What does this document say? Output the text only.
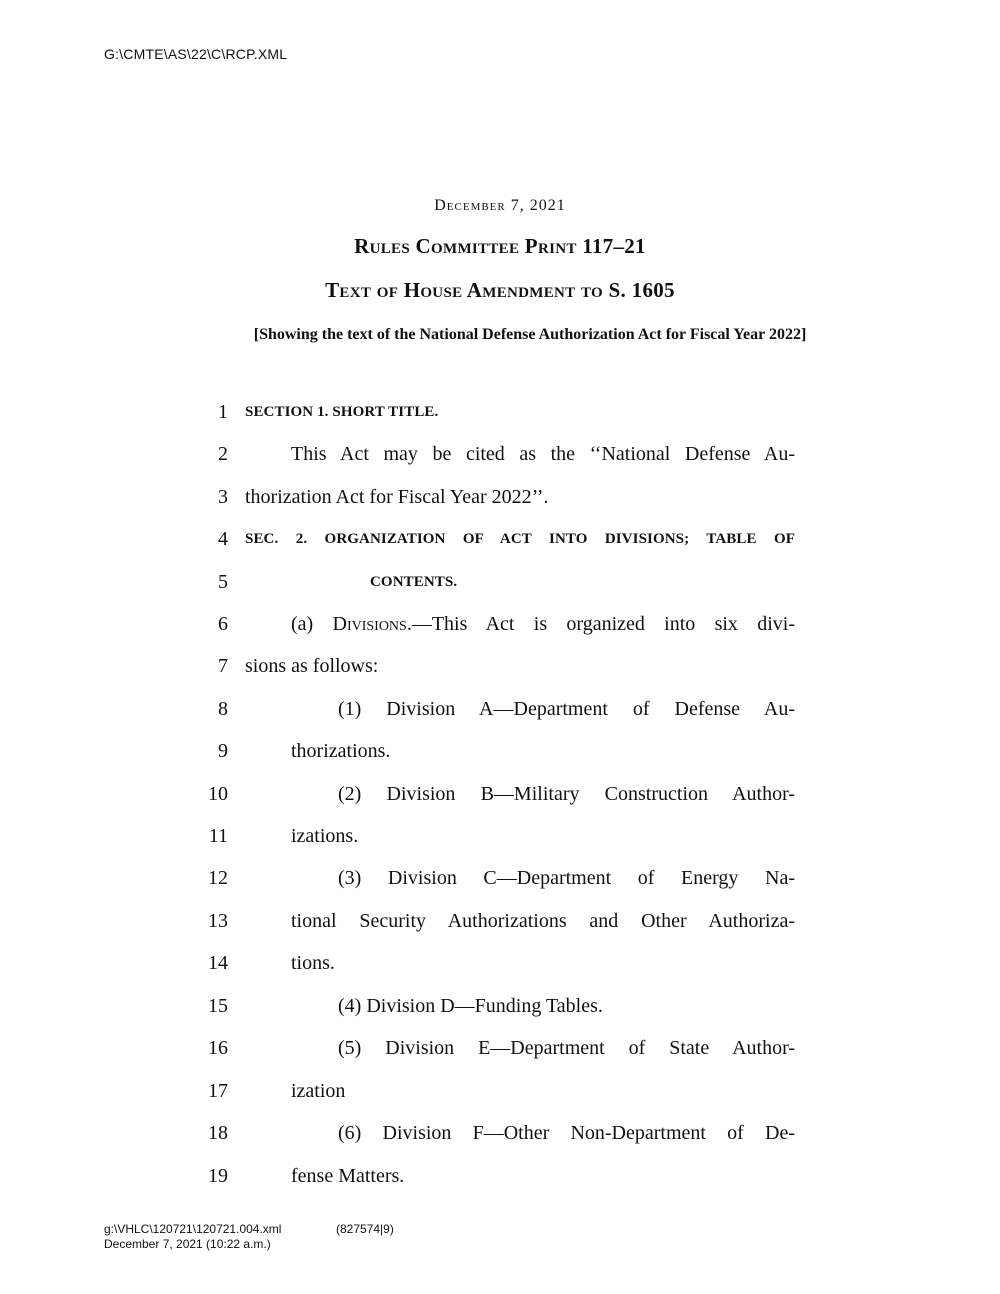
G:\CMTE\AS\22\C\RCP.XML
December 7, 2021
Rules Committee Print 117–21
Text of House Amendment to S. 1605
[Showing the text of the National Defense Authorization Act for Fiscal Year 2022]
1 SECTION 1. SHORT TITLE.
2	This Act may be cited as the ‘‘National Defense Au-
3 thorization Act for Fiscal Year 2022’’.
4 SEC. 2. ORGANIZATION OF ACT INTO DIVISIONS; TABLE OF
5	CONTENTS.
6	(a) Divisions.—This Act is organized into six divi-
7 sions as follows:
8	(1) Division A—Department of Defense Au-
9	thorizations.
10	(2) Division B—Military Construction Author-
11	izations.
12	(3) Division C—Department of Energy Na-
13	tional Security Authorizations and Other Authoriza-
14	tions.
15	(4) Division D—Funding Tables.
16	(5) Division E—Department of State Author-
17	ization
18	(6) Division F—Other Non-Department of De-
19	fense Matters.
g:\VHLC\120721\120721.004.xml	(827574|9)
December 7, 2021 (10:22 a.m.)
